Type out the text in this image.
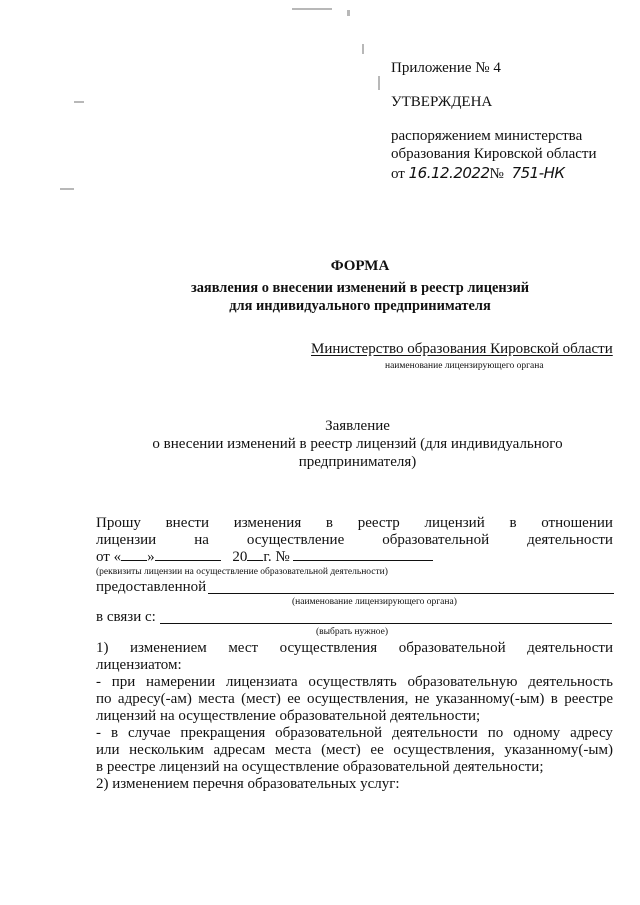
Приложение № 4
УТВЕРЖДЕНА
распоряжением министерства
образования Кировской области
от 16.12.2022№ 751-НК
ФОРМА
заявления о внесении изменений в реестр лицензий
для индивидуального предпринимателя
Министерство образования Кировской области
наименование лицензирующего органа
Заявление
о внесении изменений в реестр лицензий (для индивидуального
предпринимателя)
Прошу внести изменения в реестр лицензий в отношении
лицензии	на	осуществление	образовательной	деятельности
от « »	20 г. №
(реквизиты лицензии на осуществление образовательной деятельности)
предоставленной
(наименование лицензирующего органа)
в связи с:
(выбрать нужное)
1) изменением мест осуществления образовательной деятельности
лицензиатом:
- при намерении лицензиата осуществлять образовательную деятельность
по адресу(-ам) места (мест) ее осуществления, не указанному(-ым) в реестре
лицензий на осуществление образовательной деятельности;
- в случае прекращения образовательной деятельности по одному адресу
или нескольким адресам места (мест) ее осуществления, указанному(-ым)
в реестре лицензий на осуществление образовательной деятельности;
2) изменением перечня образовательных услуг:
